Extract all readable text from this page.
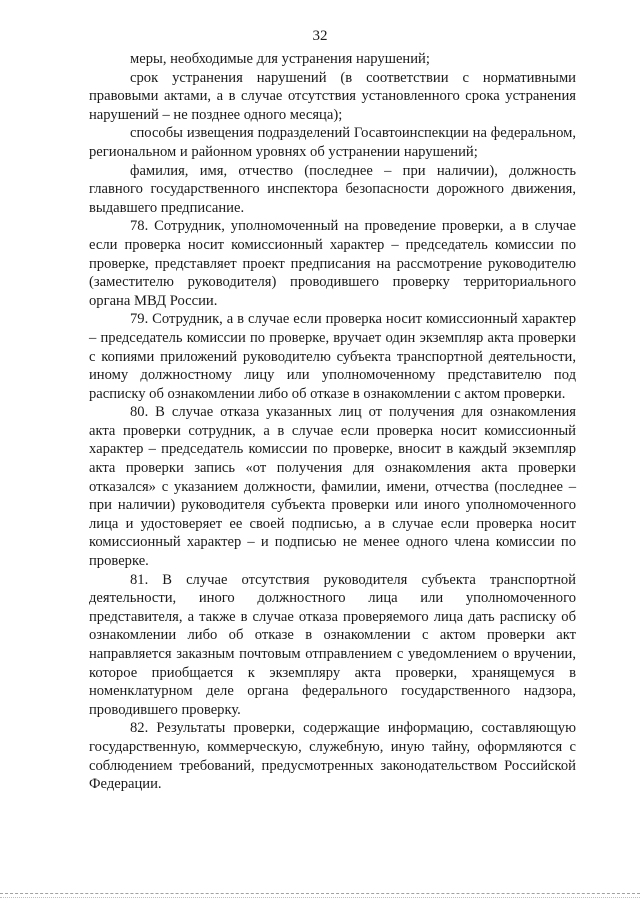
32

меры, необходимые для устранения нарушений;

срок устранения нарушений (в соответствии с нормативными правовыми актами, а в случае отсутствия установленного срока устранения нарушений – не позднее одного месяца);

способы извещения подразделений Госавтоинспекции на федеральном, региональном и районном уровнях об устранении нарушений;

фамилия, имя, отчество (последнее – при наличии), должность главного государственного инспектора безопасности дорожного движения, выдавшего предписание.

78. Сотрудник, уполномоченный на проведение проверки, а в случае если проверка носит комиссионный характер – председатель комиссии по проверке, представляет проект предписания на рассмотрение руководителю (заместителю руководителя) проводившего проверку территориального органа МВД России.

79. Сотрудник, а в случае если проверка носит комиссионный характер – председатель комиссии по проверке, вручает один экземпляр акта проверки с копиями приложений руководителю субъекта транспортной деятельности, иному должностному лицу или уполномоченному представителю под расписку об ознакомлении либо об отказе в ознакомлении с актом проверки.

80. В случае отказа указанных лиц от получения для ознакомления акта проверки сотрудник, а в случае если проверка носит комиссионный характер – председатель комиссии по проверке, вносит в каждый экземпляр акта проверки запись «от получения для ознакомления акта проверки отказался» с указанием должности, фамилии, имени, отчества (последнее – при наличии) руководителя субъекта проверки или иного уполномоченного лица и удостоверяет ее своей подписью, а в случае если проверка носит комиссионный характер – и подписью не менее одного члена комиссии по проверке.

81. В случае отсутствия руководителя субъекта транспортной деятельности, иного должностного лица или уполномоченного представителя, а также в случае отказа проверяемого лица дать расписку об ознакомлении либо об отказе в ознакомлении с актом проверки акт направляется заказным почтовым отправлением с уведомлением о вручении, которое приобщается к экземпляру акта проверки, хранящемуся в номенклатурном деле органа федерального государственного надзора, проводившего проверку.

82. Результаты проверки, содержащие информацию, составляющую государственную, коммерческую, служебную, иную тайну, оформляются с соблюдением требований, предусмотренных законодательством Российской Федерации.
